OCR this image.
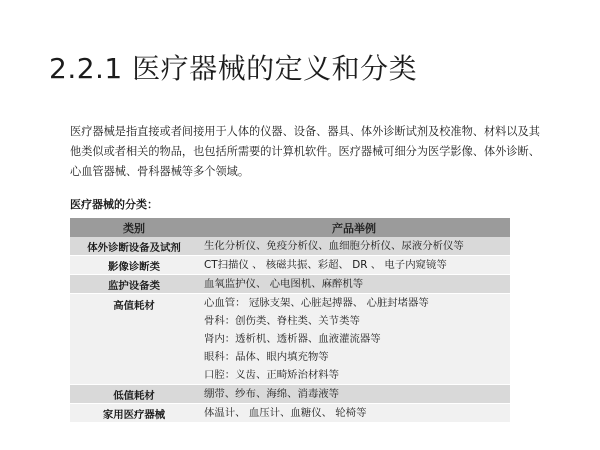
2.2.1 医疗器械的定义和分类
医疗器械是指直接或者间接用于人体的仪器、设备、器具、体外诊断试剂及校准物、材料以及其他类似或者相关的物品，也包括所需要的计算机软件。医疗器械可细分为医学影像、体外诊断、心血管器械、骨科器械等多个领域。
医疗器械的分类：
类别	产品举例
体外诊断设备及试剂	生化分析仪、免疫分析仪、血细胞分析仪、尿液分析仪等

影像诊断类	CT扫描仪 、 核磁共振、彩超、 DR 、 电子内窥镜等

监护设备类	血氧监护仪、 心电图机、麻醉机等

高值耗材	心血管： 冠脉支架、心脏起搏器、 心脏封堵器等
骨科：创伤类、脊柱类、关节类等
肾内：透析机、透析器、血液灌流器等
眼科：晶体、眼内填充物等
口腔：义齿、正畸矫治材料等

低值耗材	绷带、纱布、海绵、消毒液等

家用医疗器械	体温计、 血压计、血糖仪、 轮椅等
